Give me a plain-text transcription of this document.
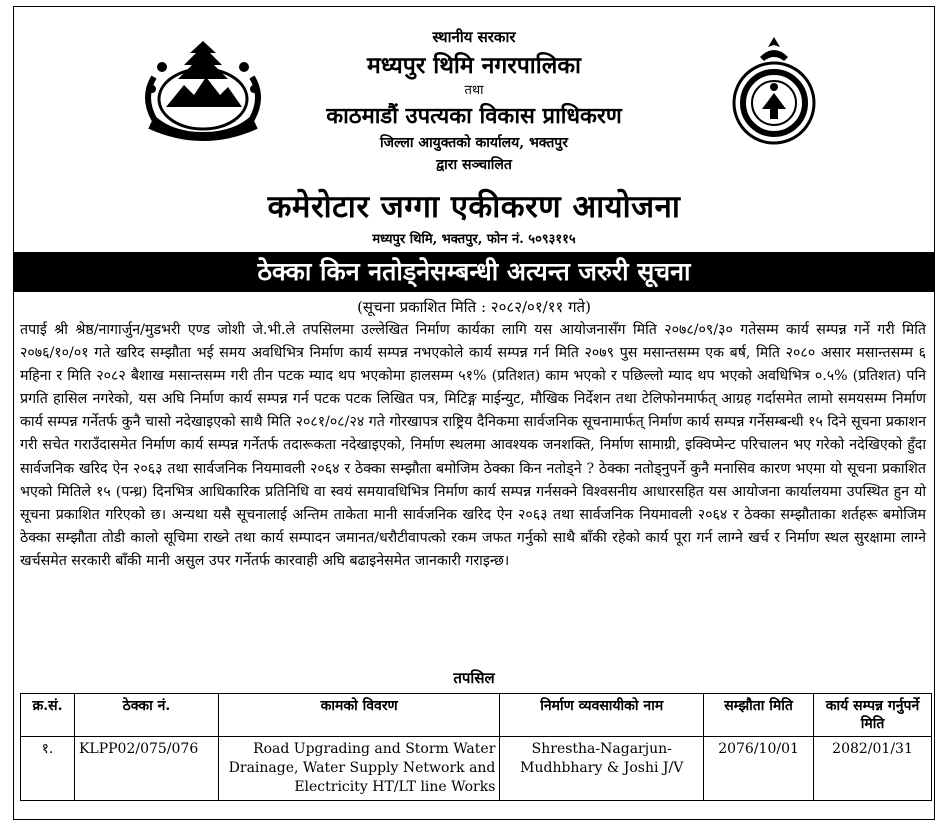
स्थानीय सरकार
मध्यपुर थिमि नगरपालिका
तथा
काठमाडौं उपत्यका विकास प्राधिकरण
जिल्ला आयुक्तको कार्यालय, भक्तपुर
द्वारा सञ्चालित
कमेरोटार जग्गा एकीकरण आयोजना
मध्यपुर थिमि, भक्तपुर, फोन नं. ५०९३११५
ठेक्का किन नतोड्नेसम्बन्धी अत्यन्त जरुरी सूचना
(सूचना प्रकाशित मिति : २०८२/०१/११ गते)
तपाई श्री श्रेष्ठ/नागार्जुन/मुडभरी एण्ड जोशी जे.भी.ले तपसिलमा उल्लेखित निर्माण कार्यका लागि यस आयोजनासँग मिति २०७८/०९/३० गतेसम्म कार्य सम्पन्न गर्ने गरी मिति २०७६/१०/०१ गते खरिद सम्झौता भई समय अवधिभित्र निर्माण कार्य सम्पन्न नभएकोले कार्य सम्पन्न गर्न मिति २०७९ पुस मसान्तसम्म एक बर्ष, मिति २०८० असार मसान्तसम्म ६ महिना र मिति २०८२ बैशाख मसान्तसम्म गरी तीन पटक म्याद थप भएकोमा हालसम्म ५१% (प्रतिशत) काम भएको र पछिल्लो म्याद थप भएको अवधिभित्र ०.५% (प्रतिशत) पनि प्रगति हासिल नगरेको, यस अघि निर्माण कार्य सम्पन्न गर्न पटक पटक लिखित पत्र, मिटिङ्ग माईन्युट, मौखिक निर्देशन तथा टेलिफोनमार्फत् आग्रह गर्दासमेत लामो समयसम्म निर्माण कार्य सम्पन्न गर्नेतर्फ कुनै चासो नदेखाइएको साथै मिति २०८१/०८/२४ गते गोरखापत्र राष्ट्रिय दैनिकमा सार्वजनिक सूचनामार्फत् निर्माण कार्य सम्पन्न गर्नेसम्बन्धी १५ दिने सूचना प्रकाशन गरी सचेत गराउँदासमेत निर्माण कार्य सम्पन्न गर्नेतर्फ तदारूकता नदेखाइएको, निर्माण स्थलमा आवश्यक जनशक्ति, निर्माण सामाग्री, इक्विप्मेन्ट परिचालन भए गरेको नदेखिएको हुँदा सार्वजनिक खरिद ऐन २०६३ तथा सार्वजनिक नियमावली २०६४ र ठेक्का सम्झौता बमोजिम ठेक्का किन नतोड्ने ? ठेक्का नतोड्नुपर्ने कुनै मनासिव कारण भएमा यो सूचना प्रकाशित भएको मितिले १५ (पन्ध्र) दिनभित्र आधिकारिक प्रतिनिधि वा स्वयं समयावधिभित्र निर्माण कार्य सम्पन्न गर्नसक्ने विश्वसनीय आधारसहित यस आयोजना कार्यालयमा उपस्थित हुन यो सूचना प्रकाशित गरिएको छ। अन्यथा यसै सूचनालाई अन्तिम ताकेता मानी सार्वजनिक खरिद ऐन २०६३ तथा सार्वजनिक नियमावली २०६४ र ठेक्का सम्झौताका शर्तहरू बमोजिम ठेक्का सम्झौता तोडी कालो सूचिमा राख्ने तथा कार्य सम्पादन जमानत/धरौटीवापत्को रकम जफत गर्नुको साथै बाँकी रहेको कार्य पूरा गर्न लाग्ने खर्च र निर्माण स्थल सुरक्षामा लाग्ने खर्चसमेत सरकारी बाँकी मानी असुल उपर गर्नेतर्फ कारवाही अघि बढाइनेसमेत जानकारी गराइन्छ।
तपसिल
क्र.सं.	ठेक्का नं.	कामको विवरण	निर्माण व्यवसायीको नाम	सम्झौता मिति	कार्य सम्पन्न गर्नुपर्ने मिति
१.	KLPP02/075/076	Road Upgrading and Storm Water Drainage, Water Supply Network and Electricity HT/LT line Works	Shrestha-Nagarjun-Mudhbhary & Joshi J/V	2076/10/01	2082/01/31
